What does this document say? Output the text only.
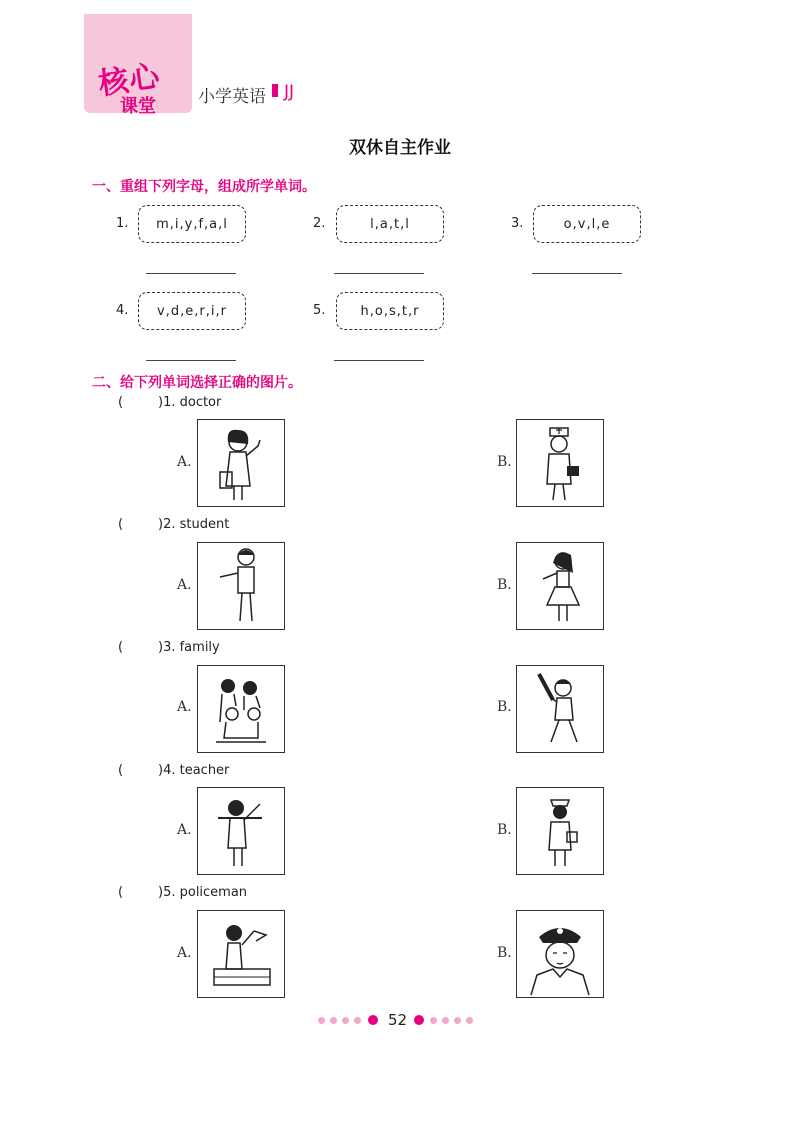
核心
课堂 小学英语 JJ
双休自主作业
一、重组下列字母，组成所学单词。
1.	m,i,y,f,a,l	2.	l,a,t,l	3.	o,v,l,e
4.	v,d,e,r,i,r	5.	h,o,s,t,r
二、给下列单词选择正确的图片。
(	)1. doctor
A.	B.
(	)2. student
A.	B.
(	)3. family
A.	B.
(	)4. teacher
A.	B.
(	)5. policeman
A.	B.
52
